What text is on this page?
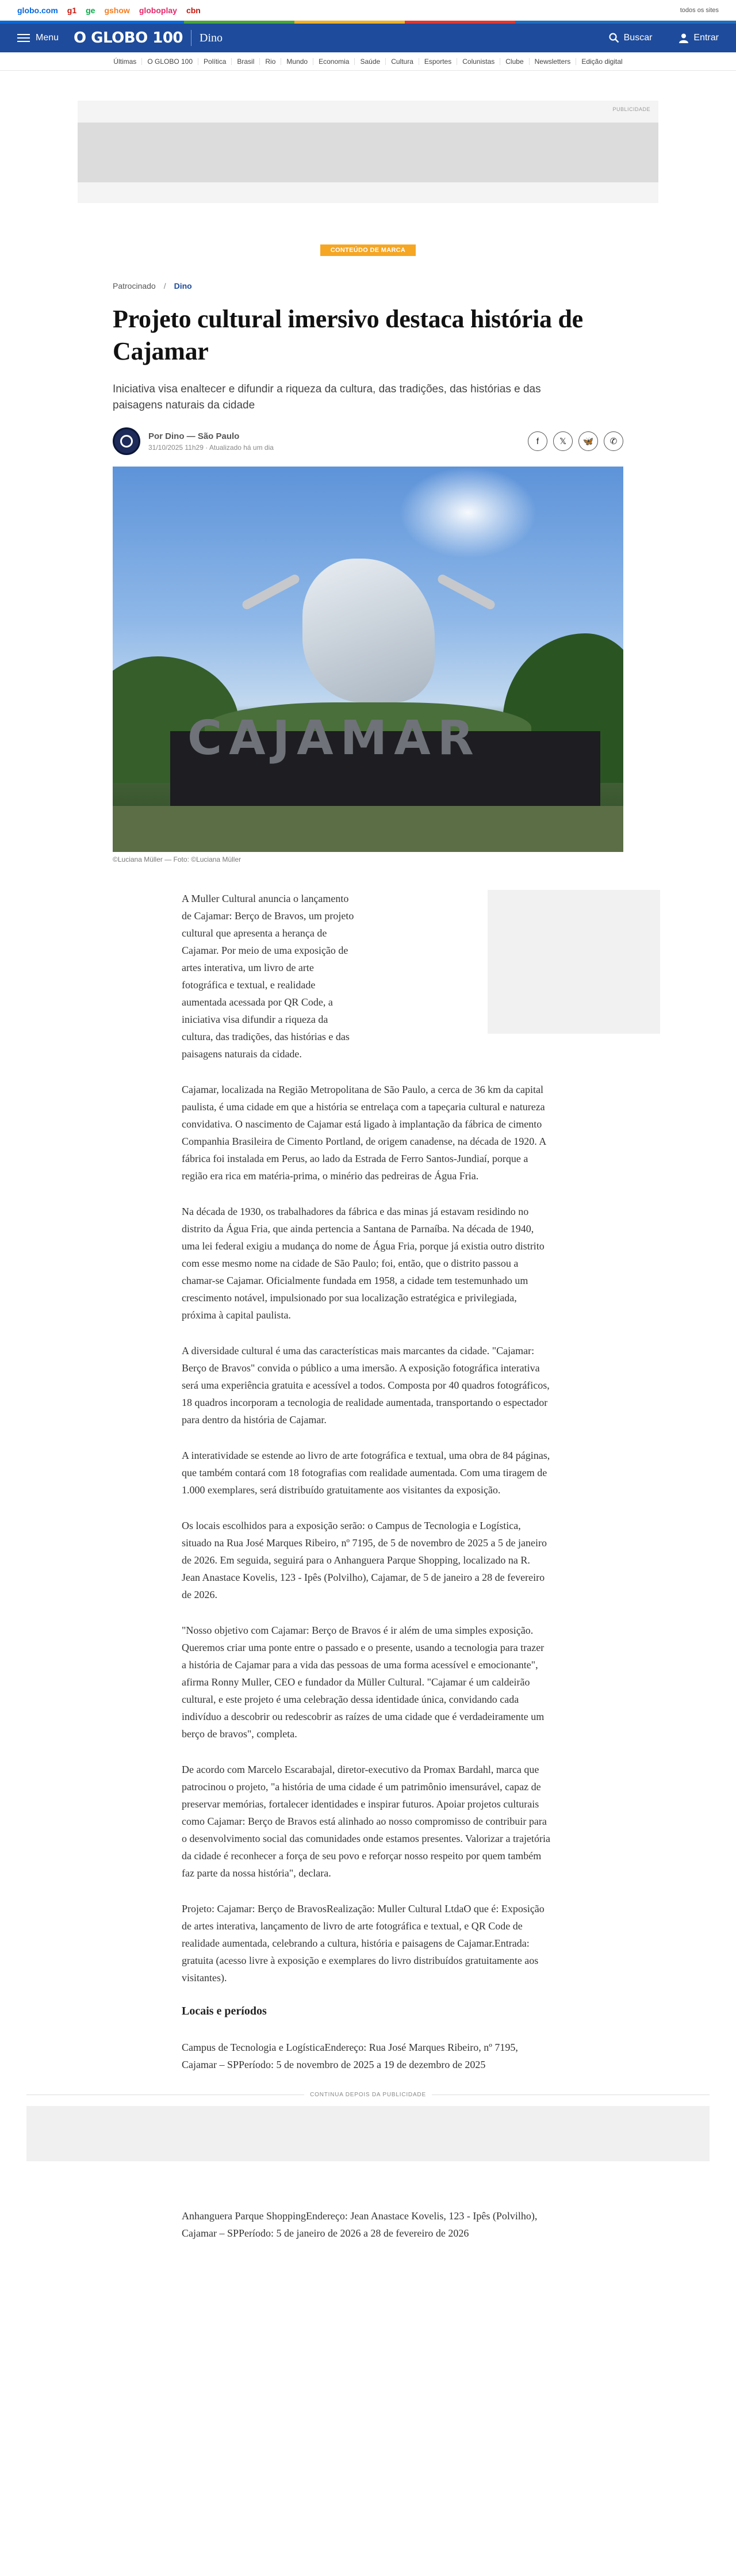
globo.com g1 ge gshow globoplay cbn	todos os sites
Menu O GLOBO 100 Dino	Buscar	Entrar
Últimas	O GLOBO 100	Política	Brasil	Rio	Mundo	Economia	Saúde	Cultura	Esportes	Colunistas	Clube	Newsletters	Edição digital
PUBLICIDADE
CONTEÚDO DE MARCA
Patrocinado / Dino
Projeto cultural imersivo destaca história de Cajamar

Iniciativa visa enaltecer e difundir a riqueza da cultura, das tradições, das histórias e das paisagens naturais da cidade

Por Dino — São Paulo
31/10/2025 11h29 · Atualizado há um dia
f	𝕏	🦋	✆
CAJAMAR
©Luciana Müller — Foto: ©Luciana Müller

A Muller Cultural anuncia o lançamento de Cajamar: Berço de Bravos, um projeto cultural que apresenta a herança de Cajamar. Por meio de uma exposição de artes interativa, um livro de arte fotográfica e textual, e realidade aumentada acessada por QR Code, a iniciativa visa difundir a riqueza da cultura, das tradições, das histórias e das paisagens naturais da cidade.

Cajamar, localizada na Região Metropolitana de São Paulo, a cerca de 36 km da capital paulista, é uma cidade em que a história se entrelaça com a tapeçaria cultural e natureza convidativa. O nascimento de Cajamar está ligado à implantação da fábrica de cimento Companhia Brasileira de Cimento Portland, de origem canadense, na década de 1920. A fábrica foi instalada em Perus, ao lado da Estrada de Ferro Santos-Jundiaí, porque a região era rica em matéria-prima, o minério das pedreiras de Água Fria.

Na década de 1930, os trabalhadores da fábrica e das minas já estavam residindo no distrito da Água Fria, que ainda pertencia a Santana de Parnaíba. Na década de 1940, uma lei federal exigiu a mudança do nome de Água Fria, porque já existia outro distrito com esse mesmo nome na cidade de São Paulo; foi, então, que o distrito passou a chamar-se Cajamar. Oficialmente fundada em 1958, a cidade tem testemunhado um crescimento notável, impulsionado por sua localização estratégica e privilegiada, próxima à capital paulista.

A diversidade cultural é uma das características mais marcantes da cidade. "Cajamar: Berço de Bravos" convida o público a uma imersão. A exposição fotográfica interativa será uma experiência gratuita e acessível a todos. Composta por 40 quadros fotográficos, 18 quadros incorporam a tecnologia de realidade aumentada, transportando o espectador para dentro da história de Cajamar.

A interatividade se estende ao livro de arte fotográfica e textual, uma obra de 84 páginas, que também contará com 18 fotografias com realidade aumentada. Com uma tiragem de 1.000 exemplares, será distribuído gratuitamente aos visitantes da exposição.

Os locais escolhidos para a exposição serão: o Campus de Tecnologia e Logística, situado na Rua José Marques Ribeiro, nº 7195, de 5 de novembro de 2025 a 5 de janeiro de 2026. Em seguida, seguirá para o Anhanguera Parque Shopping, localizado na R. Jean Anastace Kovelis, 123 - Ipês (Polvilho), Cajamar, de 5 de janeiro a 28 de fevereiro de 2026.

"Nosso objetivo com Cajamar: Berço de Bravos é ir além de uma simples exposição. Queremos criar uma ponte entre o passado e o presente, usando a tecnologia para trazer a história de Cajamar para a vida das pessoas de uma forma acessível e emocionante", afirma Ronny Muller, CEO e fundador da Müller Cultural. "Cajamar é um caldeirão cultural, e este projeto é uma celebração dessa identidade única, convidando cada indivíduo a descobrir ou redescobrir as raízes de uma cidade que é verdadeiramente um berço de bravos", completa.

De acordo com Marcelo Escarabajal, diretor-executivo da Promax Bardahl, marca que patrocinou o projeto, "a história de uma cidade é um patrimônio imensurável, capaz de preservar memórias, fortalecer identidades e inspirar futuros. Apoiar projetos culturais como Cajamar: Berço de Bravos está alinhado ao nosso compromisso de contribuir para o desenvolvimento social das comunidades onde estamos presentes. Valorizar a trajetória da cidade é reconhecer a força de seu povo e reforçar nosso respeito por quem também faz parte da nossa história", declara.

Projeto: Cajamar: Berço de BravosRealização: Muller Cultural LtdaO que é: Exposição de artes interativa, lançamento de livro de arte fotográfica e textual, e QR Code de realidade aumentada, celebrando a cultura, história e paisagens de Cajamar.Entrada: gratuita (acesso livre à exposição e exemplares do livro distribuídos gratuitamente aos visitantes).

Locais e períodos

Campus de Tecnologia e LogísticaEndereço: Rua José Marques Ribeiro, nº 7195, Cajamar – SPPeríodo: 5 de novembro de 2025 a 19 de dezembro de 2025

CONTINUA DEPOIS DA PUBLICIDADE

Anhanguera Parque ShoppingEndereço: Jean Anastace Kovelis, 123 - Ipês (Polvilho), Cajamar – SPPeríodo: 5 de janeiro de 2026 a 28 de fevereiro de 2026
